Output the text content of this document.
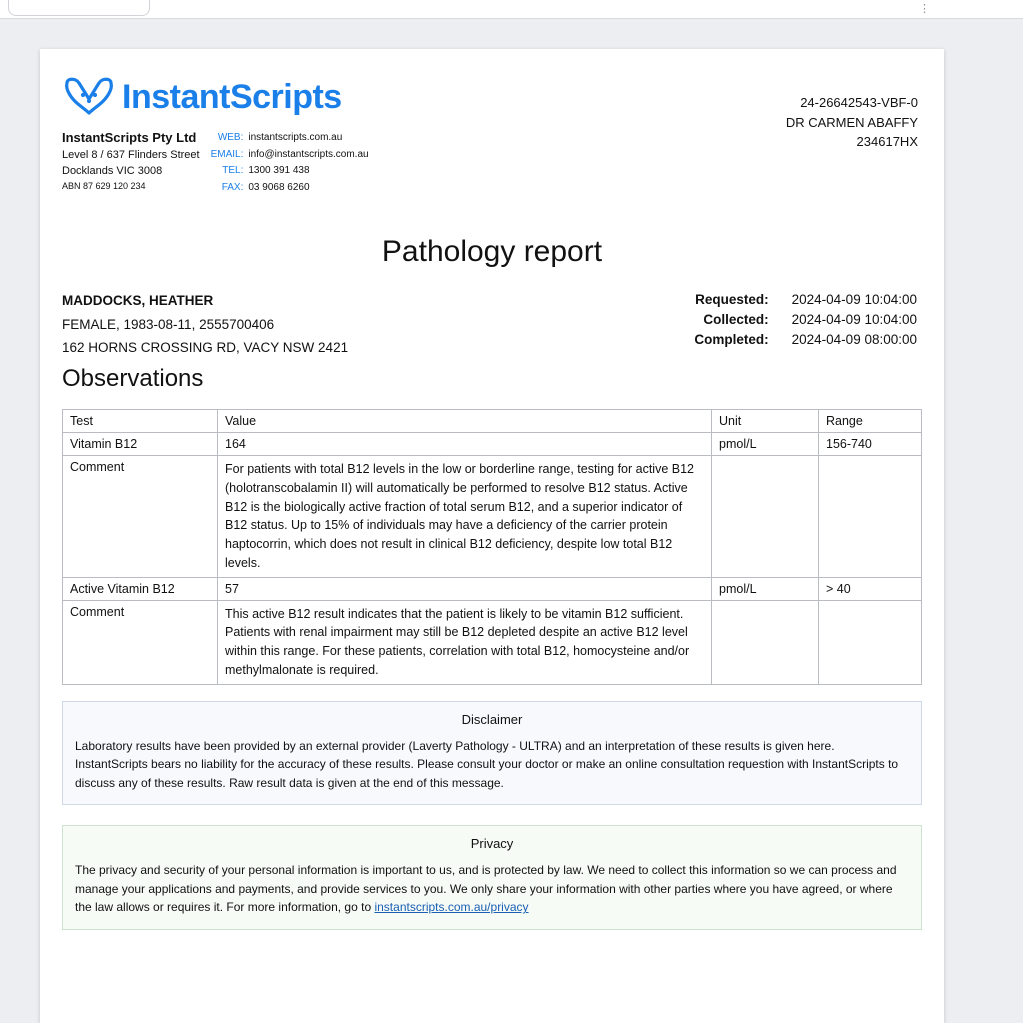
⋮
InstantScripts
InstantScripts Pty Ltd
Level 8 / 637 Flinders Street
Docklands VIC 3008
ABN 87 629 120 234
WEB:	instantscripts.com.au
EMAIL:	info@instantscripts.com.au
TEL:	1300 391 438
FAX:	03 9068 6260
24-26642543-VBF-0
DR CARMEN ABAFFY
234617HX
Pathology report
MADDOCKS, HEATHER
FEMALE, 1983-08-11, 2555700406
162 HORNS CROSSING RD, VACY NSW 2421
Requested:	2024-04-09 10:04:00
Collected:	2024-04-09 10:04:00
Completed:	2024-04-09 08:00:00
Observations
Test	Value	Unit	Range
Vitamin B12	164	pmol/L	156-740
Comment	For patients with total B12 levels in the low or borderline range, testing for active B12 (holotranscobalamin II) will automatically be performed to resolve B12 status. Active B12 is the biologically active fraction of total serum B12, and a superior indicator of B12 status. Up to 15% of individuals may have a deficiency of the carrier protein haptocorrin, which does not result in clinical B12 deficiency, despite low total B12 levels.		
Active Vitamin B12	57	pmol/L	> 40
Comment	This active B12 result indicates that the patient is likely to be vitamin B12 sufficient. Patients with renal impairment may still be B12 depleted despite an active B12 level within this range. For these patients, correlation with total B12, homocysteine and/or methylmalonate is required.		
Disclaimer
Laboratory results have been provided by an external provider (Laverty Pathology - ULTRA) and an interpretation of these results is given here. InstantScripts bears no liability for the accuracy of these results. Please consult your doctor or make an online consultation requestion with InstantScripts to discuss any of these results. Raw result data is given at the end of this message.
Privacy
The privacy and security of your personal information is important to us, and is protected by law. We need to collect this information so we can process and manage your applications and payments, and provide services to you. We only share your information with other parties where you have agreed, or where the law allows or requires it. For more information, go to instantscripts.com.au/privacy
